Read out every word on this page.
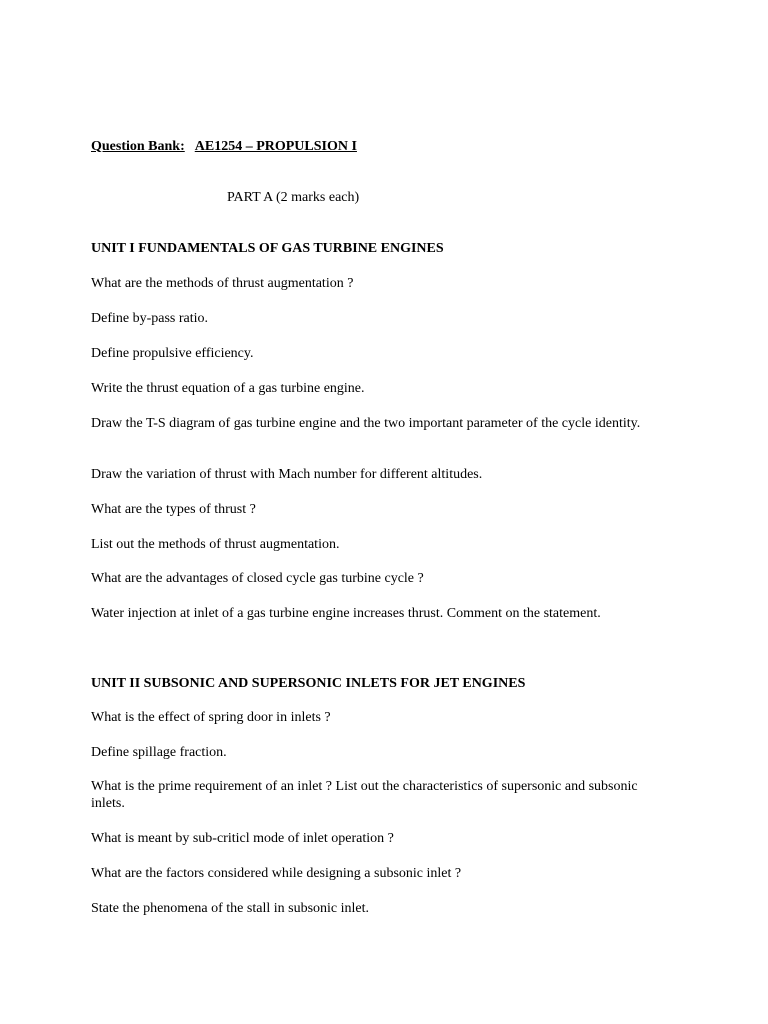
Question Bank: AE1254 – PROPULSION I
PART A (2 marks each)
UNIT I FUNDAMENTALS OF GAS TURBINE ENGINES
What are the methods of thrust augmentation ?
Define by-pass ratio.
Define propulsive efficiency.
Write the thrust equation of a gas turbine engine.
Draw the T-S diagram of gas turbine engine and the two important parameter of the cycle identity.
Draw the variation of thrust with Mach number for different altitudes.
What are the types of thrust ?
List out the methods of thrust augmentation.
What are the advantages of closed cycle gas turbine cycle ?
Water injection at inlet of a gas turbine engine increases thrust. Comment on the statement.
UNIT II SUBSONIC AND SUPERSONIC INLETS FOR JET ENGINES
What is the effect of spring door in inlets ?
Define spillage fraction.
What is the prime requirement of an inlet ? List out the characteristics of supersonic and subsonic inlets.
What is meant by sub-criticl mode of inlet operation ?
What are the factors considered while designing a subsonic inlet ?
State the phenomena of the stall in subsonic inlet.
